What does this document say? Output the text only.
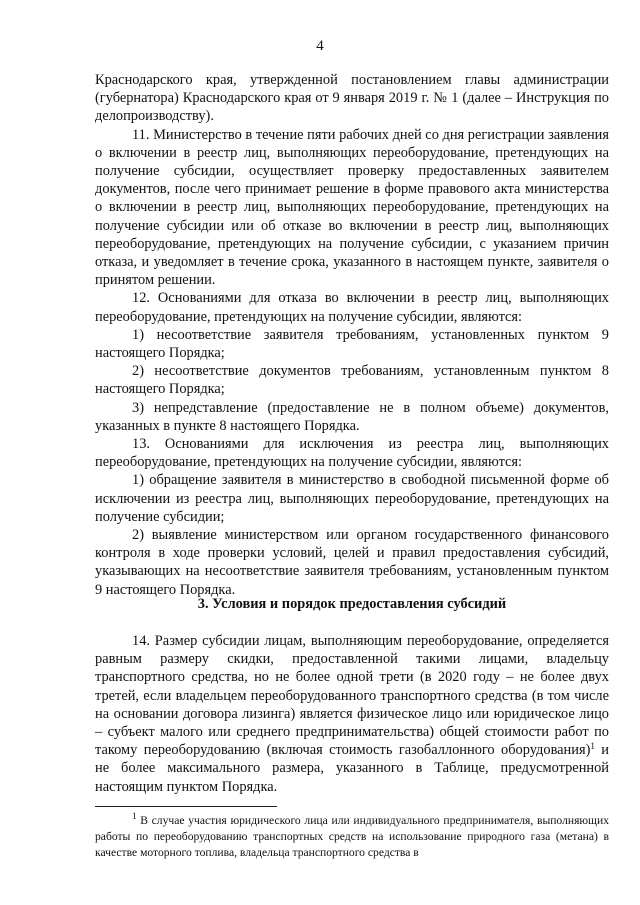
4

Краснодарского края, утвержденной постановлением главы администрации (губернатора) Краснодарского края от 9 января 2019 г. № 1 (далее – Инструкция по делопроизводству).

11. Министерство в течение пяти рабочих дней со дня регистрации заявления о включении в реестр лиц, выполняющих переоборудование, претендующих на получение субсидии, осуществляет проверку предоставленных заявителем документов, после чего принимает решение в форме правового акта министерства о включении в реестр лиц, выполняющих переоборудование, претендующих на получение субсидии или об отказе во включении в реестр лиц, выполняющих переоборудование, претендующих на получение субсидии, с указанием причин отказа, и уведомляет в течение срока, указанного в настоящем пункте, заявителя о принятом решении.

12. Основаниями для отказа во включении в реестр лиц, выполняющих переоборудование, претендующих на получение субсидии, являются:

1) несоответствие заявителя требованиям, установленных пунктом 9 настоящего Порядка;

2) несоответствие документов требованиям, установленным пунктом 8 настоящего Порядка;

3) непредставление (предоставление не в полном объеме) документов, указанных в пункте 8 настоящего Порядка.

13. Основаниями для исключения из реестра лиц, выполняющих переоборудование, претендующих на получение субсидии, являются:

1) обращение заявителя в министерство в свободной письменной форме об исключении из реестра лиц, выполняющих переоборудование, претендующих на получение субсидии;

2) выявление министерством или органом государственного финансового контроля в ходе проверки условий, целей и правил предоставления субсидий, указывающих на несоответствие заявителя требованиям, установленным пунктом 9 настоящего Порядка.

3. Условия и порядок предоставления субсидий

14. Размер субсидии лицам, выполняющим переоборудование, определяется равным размеру скидки, предоставленной такими лицами, владельцу транспортного средства, но не более одной трети (в 2020 году – не более двух третей, если владельцем переоборудованного транспортного средства (в том числе на основании договора лизинга) является физическое лицо или юридическое лицо – субъект малого или среднего предпринимательства) общей стоимости работ по такому переоборудованию (включая стоимость газобаллонного оборудования)$^1$ и не более максимального размера, указанного в Таблице, предусмотренной настоящим пунктом Порядка.

$^1$ В случае участия юридического лица или индивидуального предпринимателя, выполняющих работы по переоборудованию транспортных средств на использование природного газа (метана) в качестве моторного топлива, владельца транспортного средства в
